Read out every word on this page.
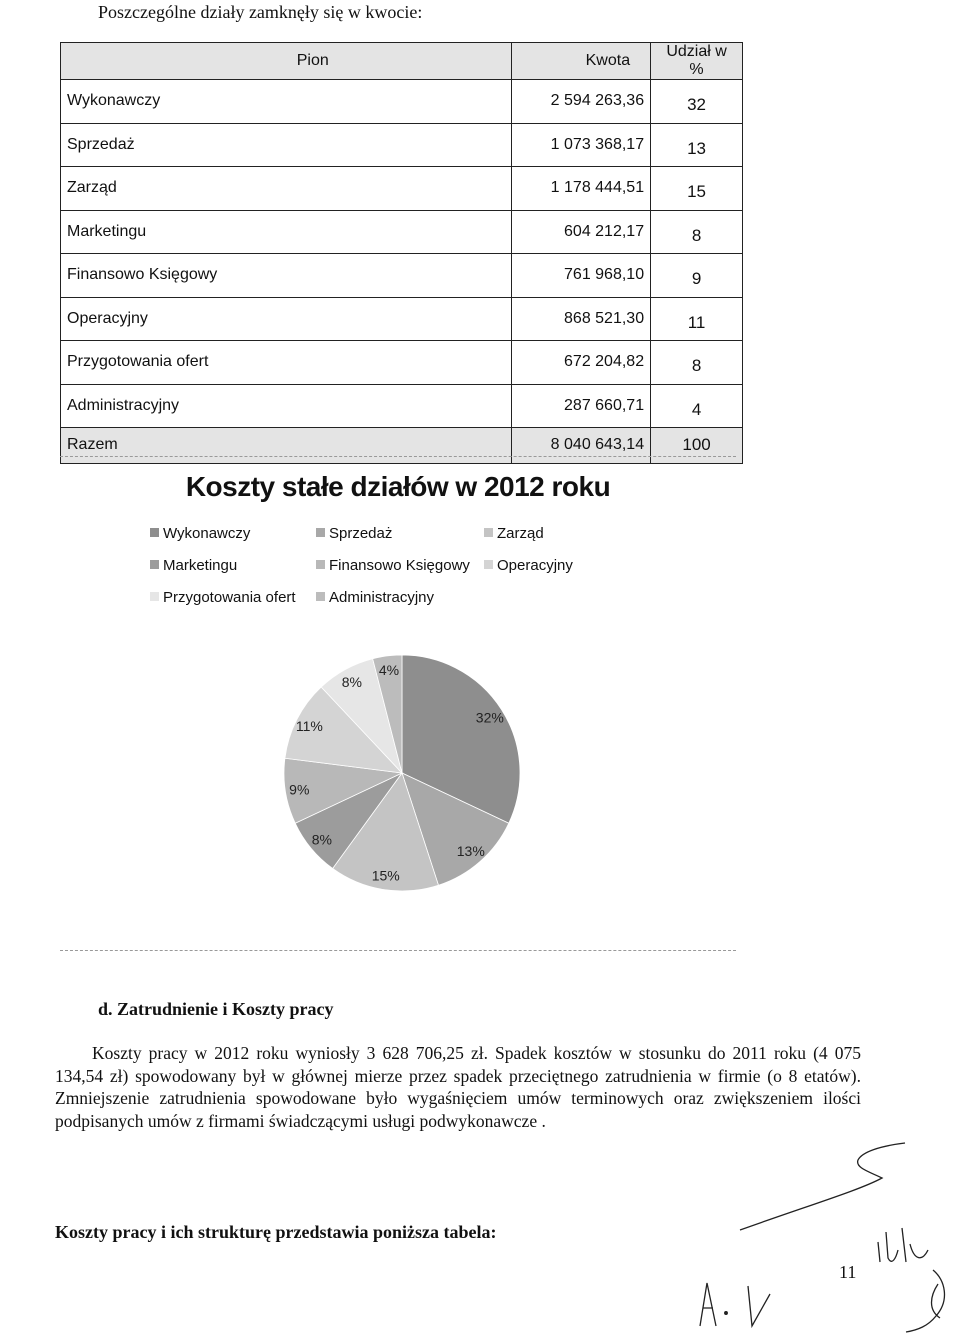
Poszczególne działy zamknęły się w kwocie:
Pion	Kwota	Udział w %
Wykonawczy	2 594 263,36	32
Sprzedaż	1 073 368,17	13
Zarząd	1 178 444,51	15
Marketingu	604 212,17	8
Finansowo Księgowy	761 968,10	9
Operacyjny	868 521,30	11
Przygotowania ofert	672 204,82	8
Administracyjny	287 660,71	4
Razem	8 040 643,14	100
Koszty stałe działów w 2012 roku
Wykonawczy	Sprzedaż	Zarząd
Marketingu	Finansowo Księgowy	Operacyjny
Przygotowania ofert	Administracyjny
32%
13%
15%
8%
9%
11%
8%
4%
d. Zatrudnienie i Koszty pracy
Koszty pracy w 2012 roku wyniosły 3 628 706,25 zł. Spadek kosztów w stosunku do 2011 roku (4 075 134,54 zł) spowodowany był w głównej mierze przez spadek przeciętnego zatrudnienia w firmie (o 8 etatów). Zmniejszenie zatrudnienia spowodowane było wygaśnięciem umów terminowych oraz zwiększeniem ilości podpisanych umów z firmami świadczącymi usługi podwykonawcze .
Koszty pracy i ich strukturę przedstawia poniższa tabela:
11
